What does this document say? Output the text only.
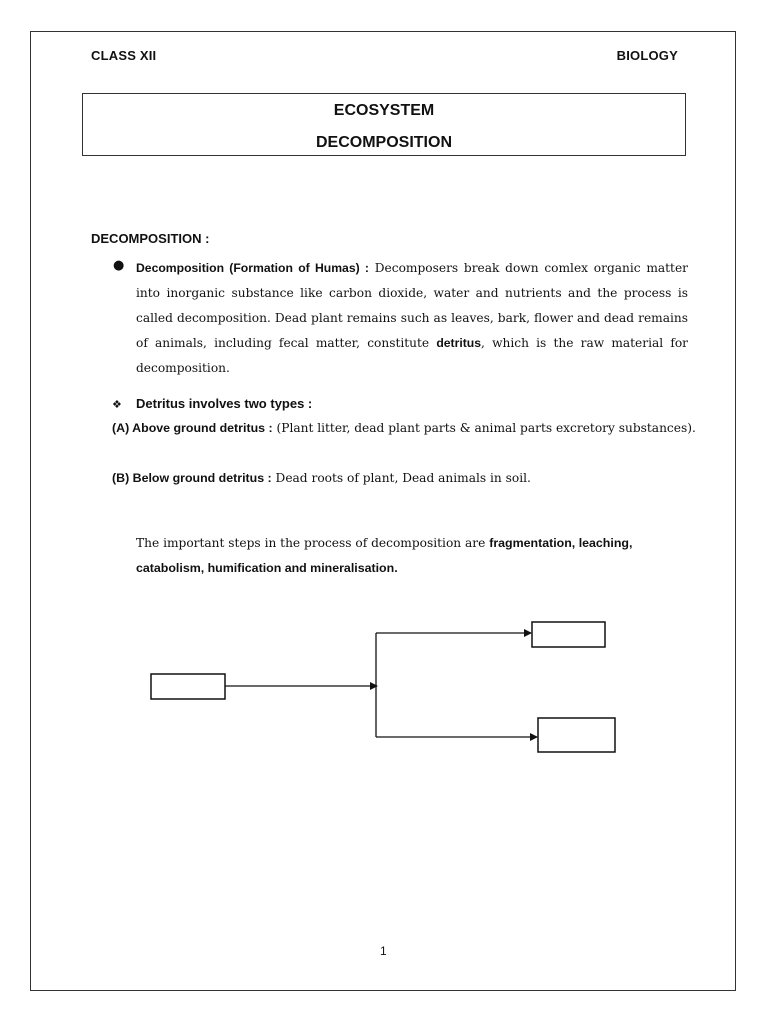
CLASS XII	BIOLOGY
ECOSYSTEM
DECOMPOSITION
DECOMPOSITION :
● Decomposition (Formation of Humas) : Decomposers break down comlex organic matter into inorganic substance like carbon dioxide, water and nutrients and the process is called decomposition. Dead plant remains such as leaves, bark, flower and dead remains of animals, including fecal matter, constitute detritus, which is the raw material for decomposition.
❖ Detritus involves two types :
(A) Above ground detritus : (Plant litter, dead plant parts & animal parts excretory substances).
(B) Below ground detritus : Dead roots of plant, Dead animals in soil.
The important steps in the process of decomposition are fragmentation, leaching, catabolism, humification and mineralisation.
1
